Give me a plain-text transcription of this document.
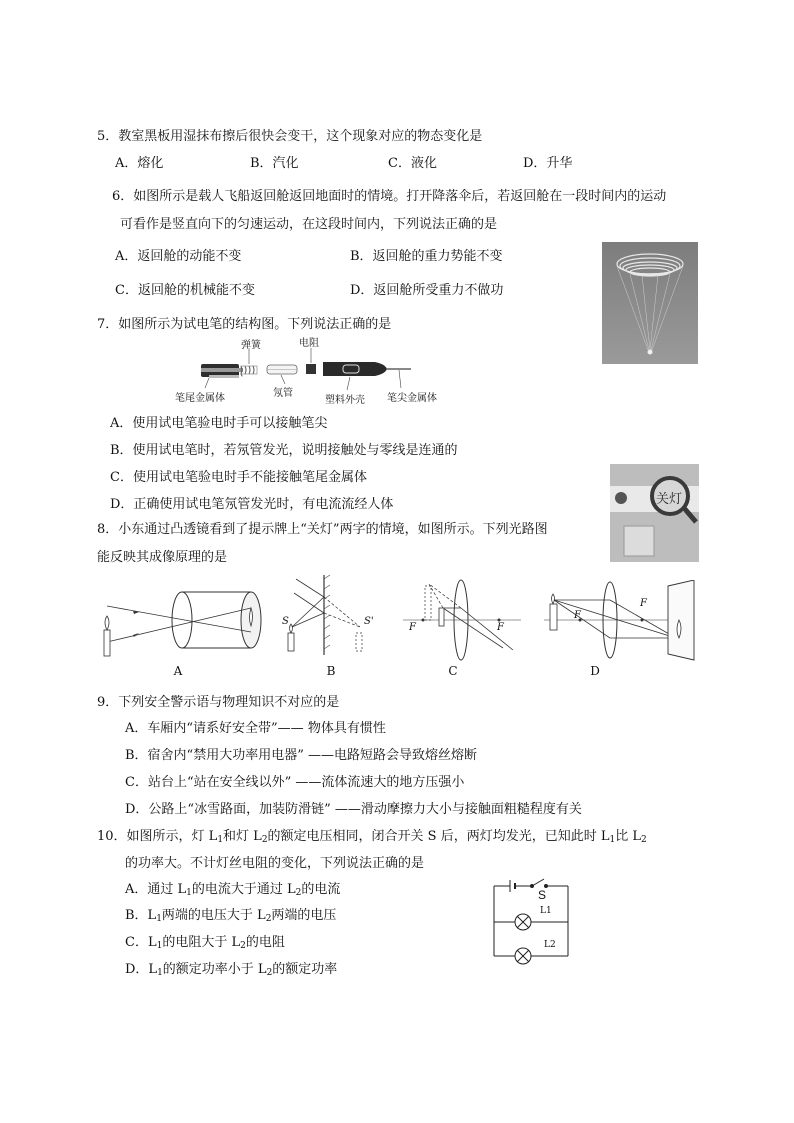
5．教室黑板用湿抹布擦后很快会变干，这个现象对应的物态变化是
A．熔化	B．汽化	C．液化	D．升华
6．如图所示是载人飞船返回舱返回地面时的情境。打开降落伞后，若返回舱在一段时间内的运动
可看作是竖直向下的匀速运动，在这段时间内，下列说法正确的是
A．返回舱的动能不变	B．返回舱的重力势能不变
C．返回舱的机械能不变	D．返回舱所受重力不做功
7．如图所示为试电笔的结构图。下列说法正确的是
弹簧	电阻
笔尾金属体	氖管
塑料外壳 笔尖金属体
A．使用试电笔验电时手可以接触笔尖
B．使用试电笔时，若氖管发光，说明接触处与零线是连通的
C．使用试电笔验电时手不能接触笔尾金属体
D．正确使用试电笔氖管发光时，有电流流经人体	关灯
8．小东通过凸透镜看到了提示牌上“关灯”两字的情境，如图所示。下列光路图
能反映其成像原理的是
A
S	S'
B
F	F
C
F
F
D
9．下列安全警示语与物理知识不对应的是
A．车厢内“请系好安全带”—— 物体具有惯性
B．宿舍内“禁用大功率用电器” ——电路短路会导致熔丝熔断
C．站台上“站在安全线以外” ——流体流速大的地方压强小
D．公路上“冰雪路面，加装防滑链” ——滑动摩擦力大小与接触面粗糙程度有关
10．如图所示，灯 $L_1$和灯 $L_2$的额定电压相同，闭合开关 S 后，两灯均发光，已知此时 $L_1$比 $L_2$
的功率大。不计灯丝电阻的变化，下列说法正确的是
A．通过 $L_1$的电流大于通过 $L_2$的电流
B．$L_1$两端的电压大于 $L_2$两端的电压
C．$L_1$的电阻大于 $L_2$的电阻
D．$L_1$的额定功率小于 $L_2$的额定功率
S
L1
L2
